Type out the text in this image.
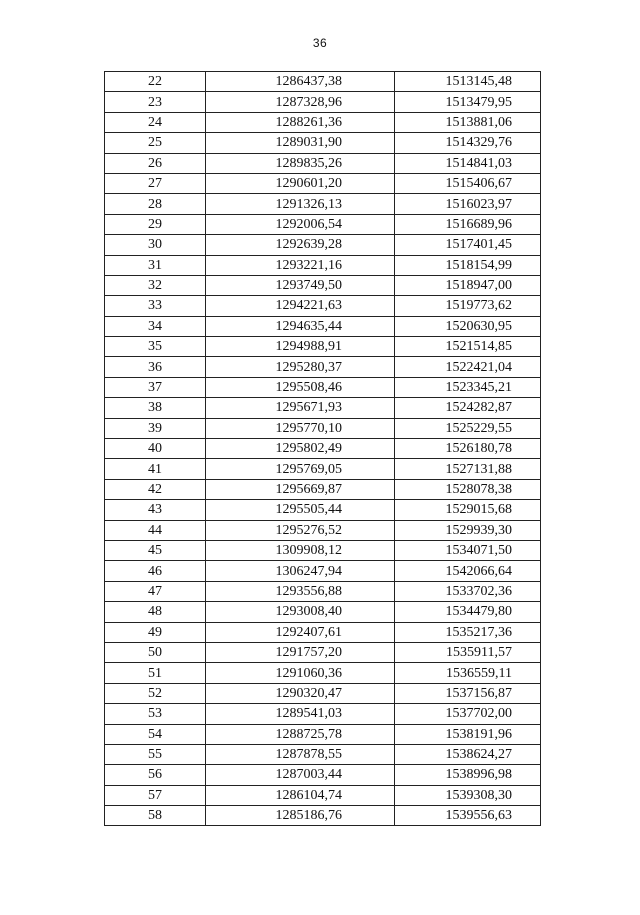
36
22	1286437,38	1513145,48
23	1287328,96	1513479,95
24	1288261,36	1513881,06
25	1289031,90	1514329,76
26	1289835,26	1514841,03
27	1290601,20	1515406,67
28	1291326,13	1516023,97
29	1292006,54	1516689,96
30	1292639,28	1517401,45
31	1293221,16	1518154,99
32	1293749,50	1518947,00
33	1294221,63	1519773,62
34	1294635,44	1520630,95
35	1294988,91	1521514,85
36	1295280,37	1522421,04
37	1295508,46	1523345,21
38	1295671,93	1524282,87
39	1295770,10	1525229,55
40	1295802,49	1526180,78
41	1295769,05	1527131,88
42	1295669,87	1528078,38
43	1295505,44	1529015,68
44	1295276,52	1529939,30
45	1309908,12	1534071,50
46	1306247,94	1542066,64
47	1293556,88	1533702,36
48	1293008,40	1534479,80
49	1292407,61	1535217,36
50	1291757,20	1535911,57
51	1291060,36	1536559,11
52	1290320,47	1537156,87
53	1289541,03	1537702,00
54	1288725,78	1538191,96
55	1287878,55	1538624,27
56	1287003,44	1538996,98
57	1286104,74	1539308,30
58	1285186,76	1539556,63
